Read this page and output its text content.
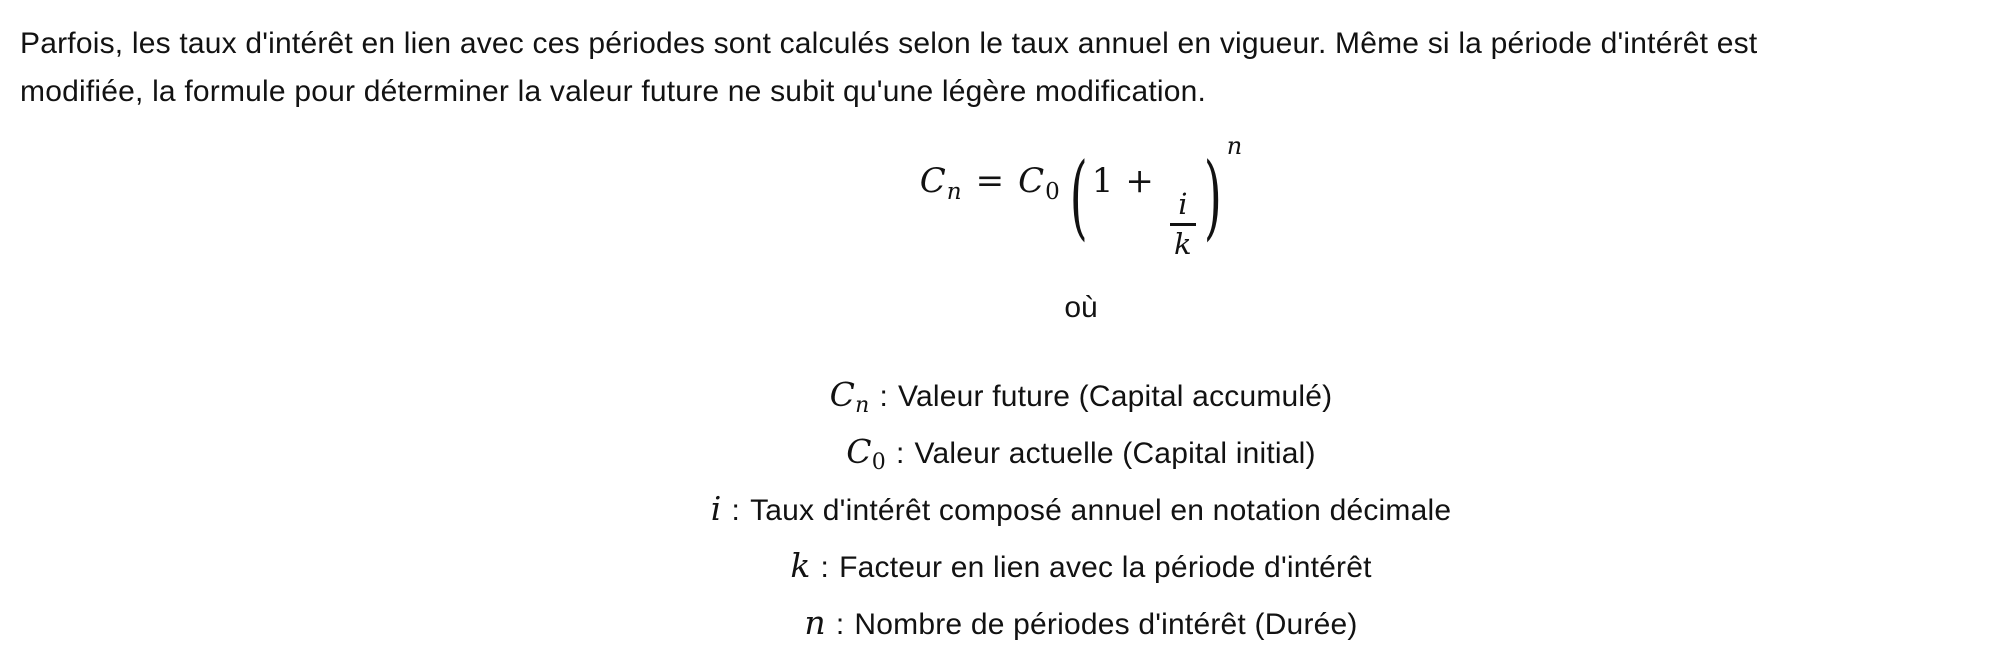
Parfois, les taux d'intérêt en lien avec ces périodes sont calculés selon le taux annuel en vigueur. Même si la période d'intérêt est
modifiée, la formule pour déterminer la valeur future ne subit qu'une légère modification.
$C_n = C_0$ ( 1 +
$\frac{i}{k}$ ) $^n$
où
$C_n$ : Valeur future (Capital accumulé)
$C_0$ : Valeur actuelle (Capital initial)
i : Taux d'intérêt composé annuel en notation décimale
k : Facteur en lien avec la période d'intérêt
n : Nombre de périodes d'intérêt (Durée)
